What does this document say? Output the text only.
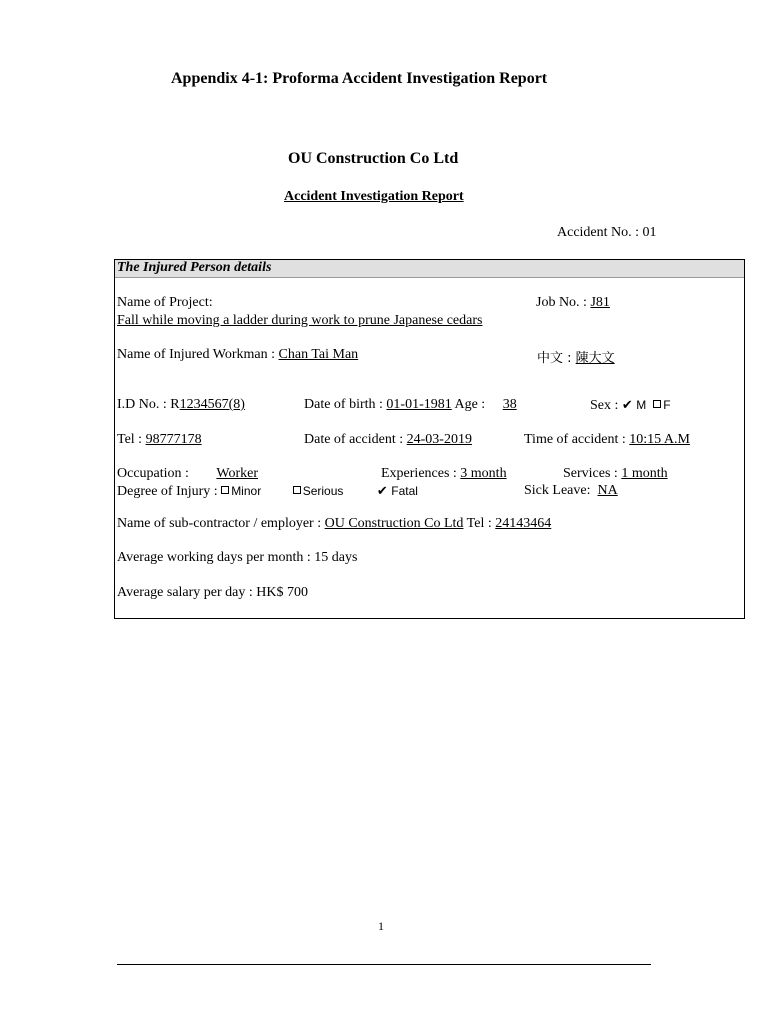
Appendix 4-1: Proforma Accident Investigation Report
OU Construction Co Ltd
Accident Investigation Report
Accident No. : 01
The Injured Person details
Name of Project:	Job No. : J81
Fall while moving a ladder during work to prune Japanese cedars
Name of Injured Workman : Chan Tai Man	中文 : 陳大文
I.D No. : R1234567(8)	Date of birth : 01-01-1981 Age : 38	Sex : ✔ M F
Tel : 98777178	Date of accident : 24-03-2019	Time of accident : 10:15 A.M
Occupation : Worker	Experiences : 3 month	Services : 1 month
Degree of Injury : Minor	Serious	✔ Fatal	Sick Leave:  NA
Name of sub-contractor / employer : OU Construction Co Ltd Tel : 24143464
Average working days per month : 15 days
Average salary per day : HK$ 700
1
